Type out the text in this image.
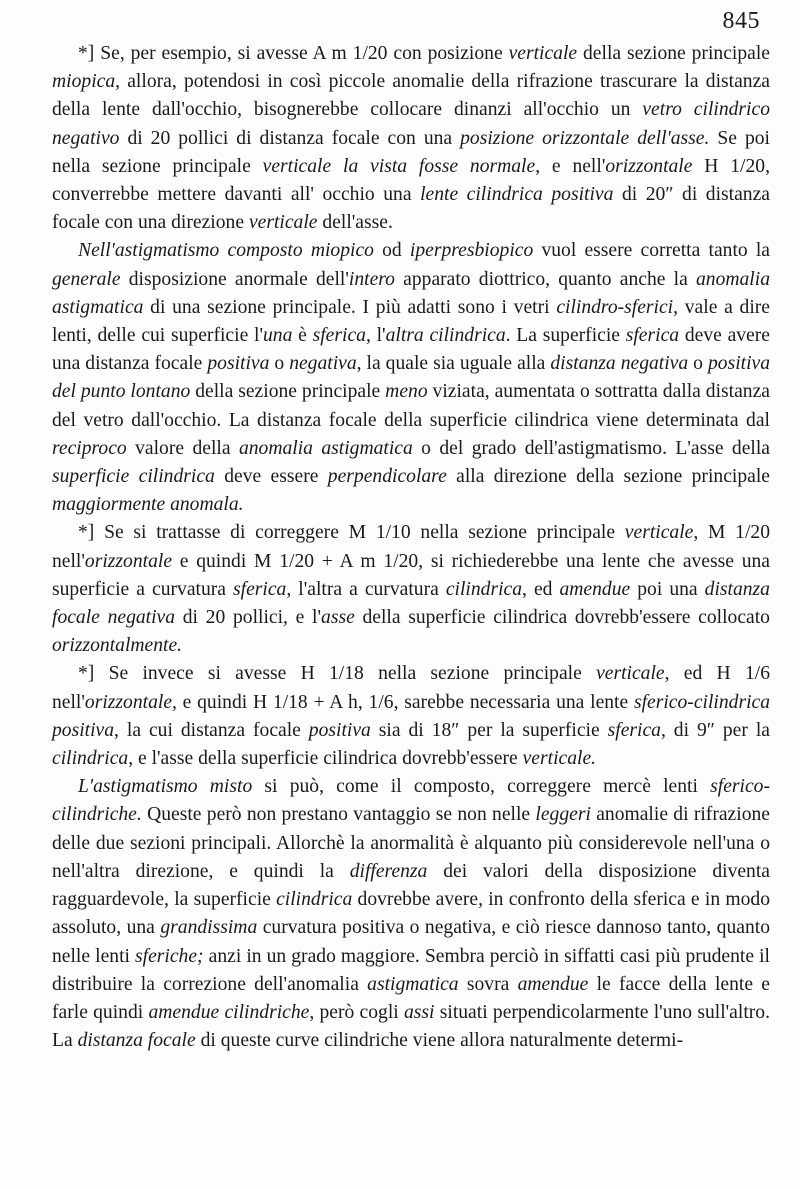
845

*] Se, per esempio, si avesse A m 1/20 con posizione verticale della sezione principale miopica, allora, potendosi in così piccole anomalie della rifrazione trascurare la distanza della lente dall'occhio, bisognerebbe collocare dinanzi all'occhio un vetro cilindrico negativo di 20 pollici di distanza focale con una posizione orizzontale dell'asse. Se poi nella sezione principale verticale la vista fosse normale, e nell'orizzontale H 1/20, converrebbe mettere davanti all' occhio una lente cilindrica positiva di 20″ di distanza focale con una direzione verticale dell'asse.

Nell'astigmatismo composto miopico od iperpresbiopico vuol essere corretta tanto la generale disposizione anormale dell'intero apparato diottrico, quanto anche la anomalia astigmatica di una sezione principale. I più adatti sono i vetri cilindro-sferici, vale a dire lenti, delle cui superficie l'una è sferica, l'altra cilindrica. La superficie sferica deve avere una distanza focale positiva o negativa, la quale sia uguale alla distanza negativa o positiva del punto lontano della sezione principale meno viziata, aumentata o sottratta dalla distanza del vetro dall'occhio. La distanza focale della superficie cilindrica viene determinata dal reciproco valore della anomalia astigmatica o del grado dell'astigmatismo. L'asse della superficie cilindrica deve essere perpendicolare alla direzione della sezione principale maggiormente anomala.

*] Se si trattasse di correggere M 1/10 nella sezione principale verticale, M 1/20 nell'orizzontale e quindi M 1/20 + A m 1/20, si richiederebbe una lente che avesse una superficie a curvatura sferica, l'altra a curvatura cilindrica, ed amendue poi una distanza focale negativa di 20 pollici, e l'asse della superficie cilindrica dovrebb'essere collocato orizzontalmente.

*] Se invece si avesse H 1/18 nella sezione principale verticale, ed H 1/6 nell'orizzontale, e quindi H 1/18 + A h, 1/6, sarebbe necessaria una lente sferico-cilindrica positiva, la cui distanza focale positiva sia di 18″ per la superficie sferica, di 9″ per la cilindrica, e l'asse della superficie cilindrica dovrebb'essere verticale.

L'astigmatismo misto si può, come il composto, correggere mercè lenti sferico-cilindriche. Queste però non prestano vantaggio se non nelle leggeri anomalie di rifrazione delle due sezioni principali. Allorchè la anormalità è alquanto più considerevole nell'una o nell'altra direzione, e quindi la differenza dei valori della disposizione diventa ragguardevole, la superficie cilindrica dovrebbe avere, in confronto della sferica e in modo assoluto, una grandissima curvatura positiva o negativa, e ciò riesce dannoso tanto, quanto nelle lenti sferiche; anzi in un grado maggiore. Sembra perciò in siffatti casi più prudente il distribuire la correzione dell'anomalia astigmatica sovra amendue le facce della lente e farle quindi amendue cilindriche, però cogli assi situati perpendicolarmente l'uno sull'altro. La distanza focale di queste curve cilindriche viene allora naturalmente determi-
